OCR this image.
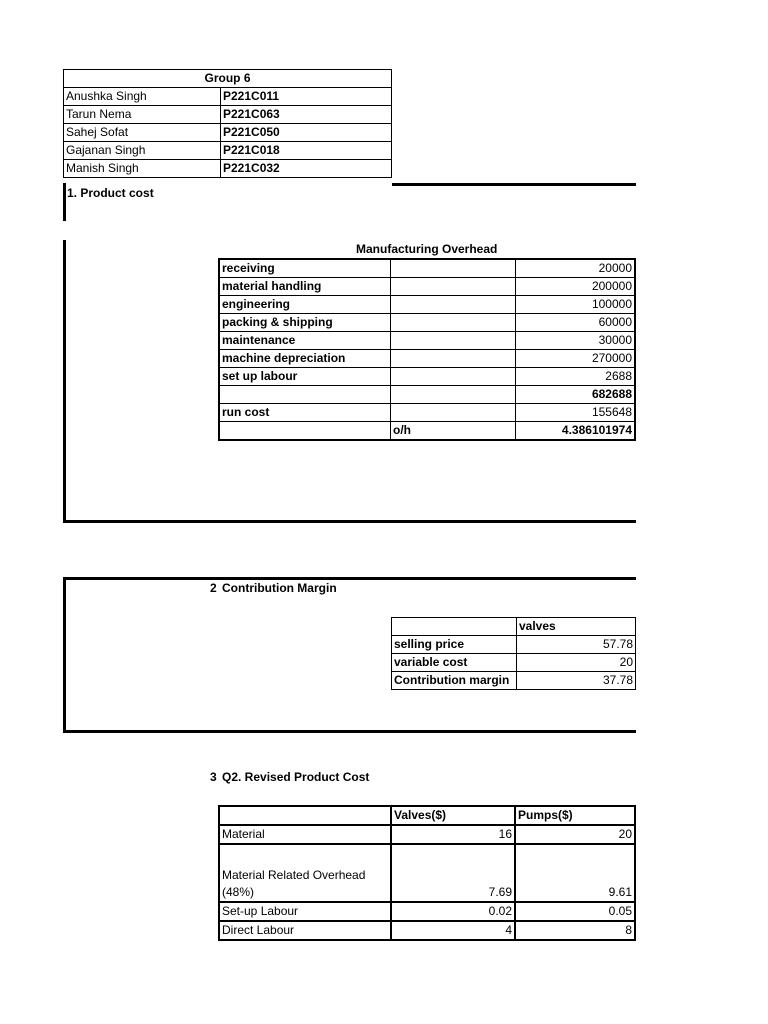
Group 6	
Anushka Singh	P221C011
Tarun Nema	P221C063
Sahej Sofat	P221C050
Gajanan Singh	P221C018
Manish Singh	P221C032
1. Product cost
Manufacturing Overhead
receiving		20000
material handling		200000
engineering		100000
packing & shipping		60000
maintenance		30000
machine depreciation		270000
set up labour		2688
		682688
run cost		155648
	o/h	4.386101974
2 Contribution Margin
	valves
selling price	57.78
variable cost	20
Contribution margin	37.78
3 Q2. Revised Product Cost
	Valves($)	Pumps($)
Material	16	20

Material Related Overhead
(48%)	7.69	9.61
Set-up Labour	0.02	0.05
Direct Labour	4	8
